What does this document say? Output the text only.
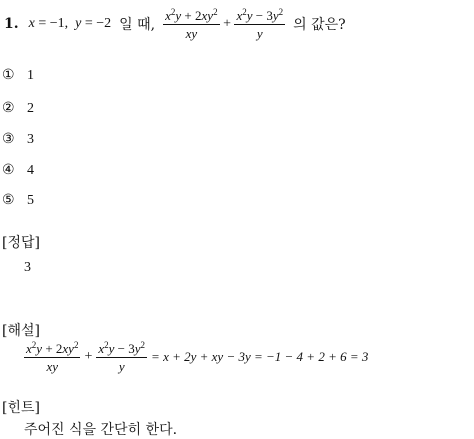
1. x = −1,  y = −2 일 때, $\frac{x^2y + 2xy^2}{xy} + \frac{x^2y - 3y^2}{y}$ 의 값은?
① 1
② 2
③ 3
④ 4
⑤ 5
[정답]
3
[해설]
$\frac{x^2y + 2xy^2}{xy} + \frac{x^2y - 3y^2}{y} = x + 2y$ + xy − 3y = −1 − 4 + 2 + 6 = 3
[힌트]
주어진 식을 간단히 한다.
